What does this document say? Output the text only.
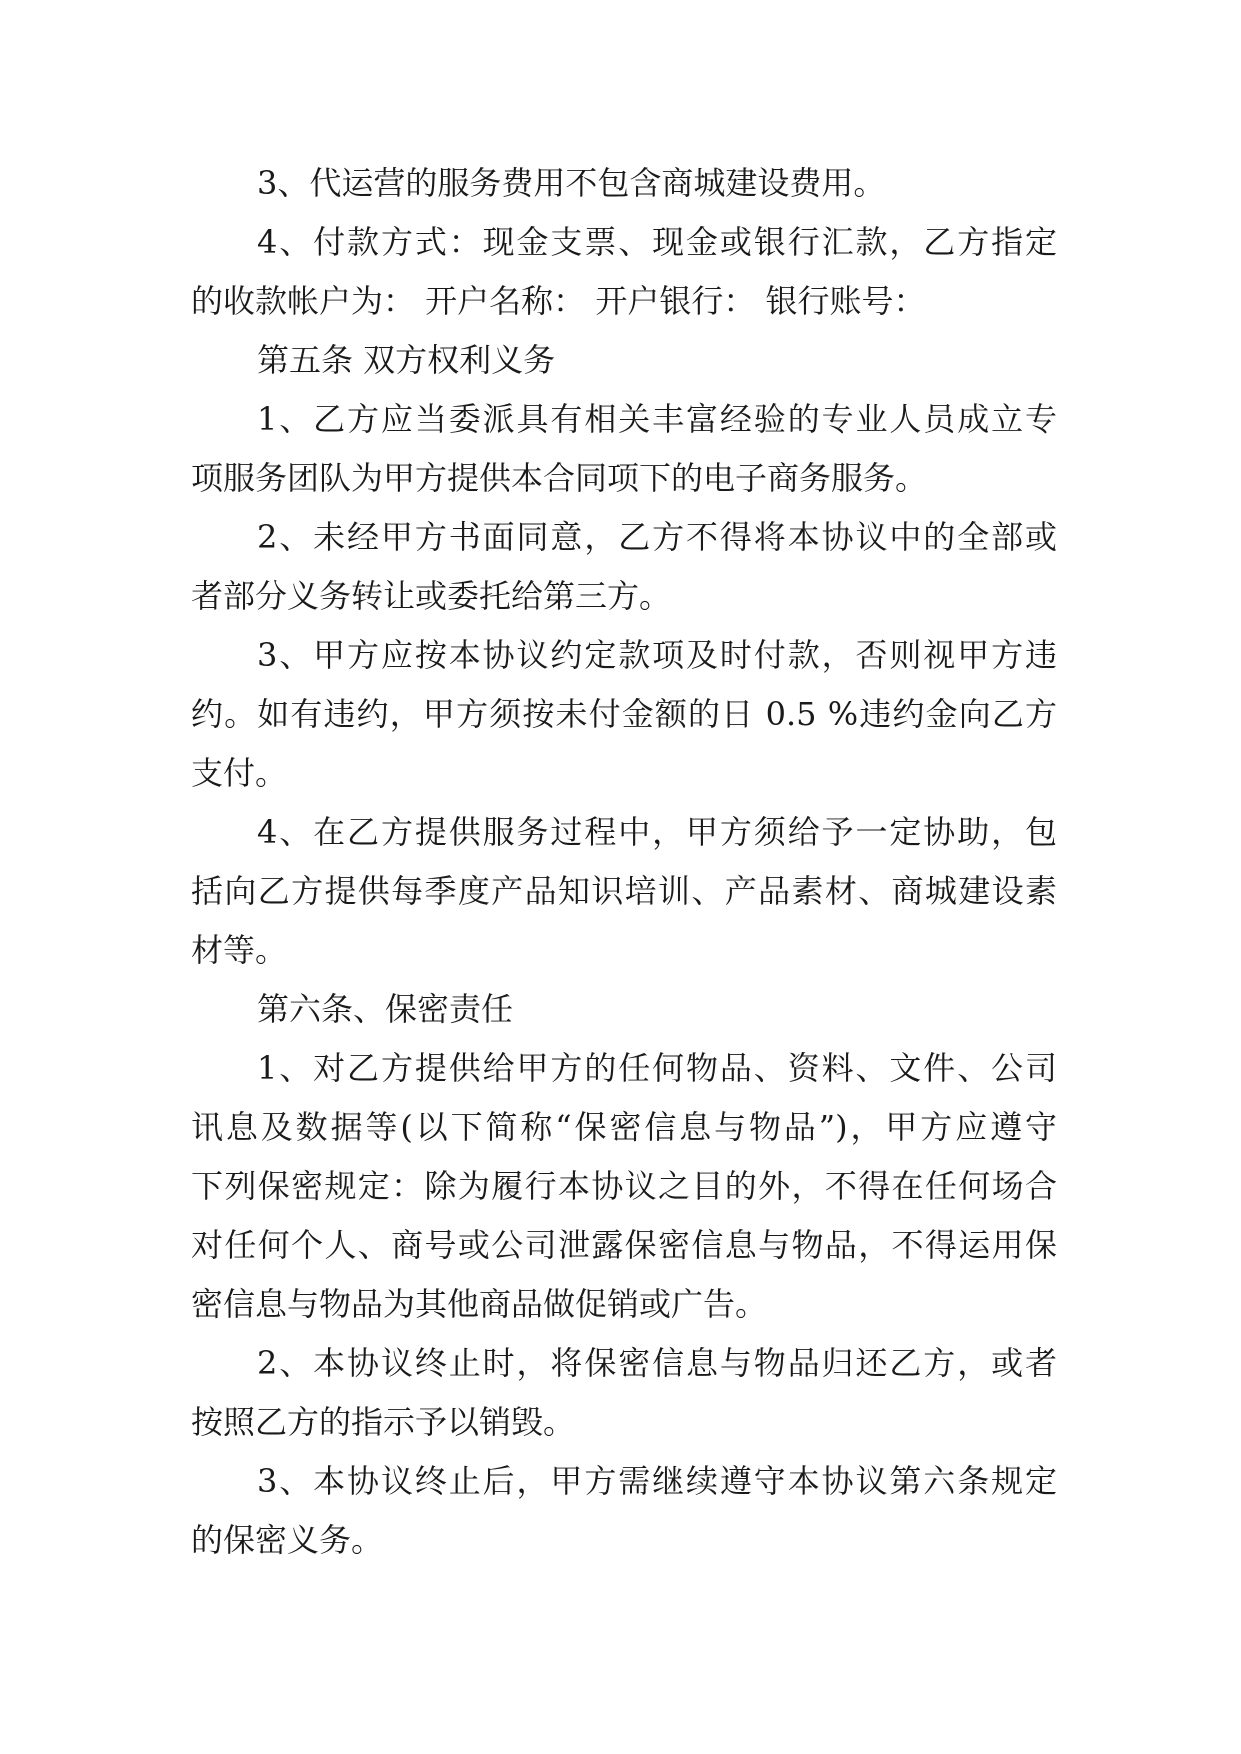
3、代运营的服务费用不包含商城建设费用。
4、付款方式：现金支票、现金或银行汇款，乙方指定
的收款帐户为： 开户名称： 开户银行： 银行账号：
第五条 双方权利义务
1、乙方应当委派具有相关丰富经验的专业人员成立专
项服务团队为甲方提供本合同项下的电子商务服务。
2、未经甲方书面同意，乙方不得将本协议中的全部或
者部分义务转让或委托给第三方。
3、甲方应按本协议约定款项及时付款，否则视甲方违
约。如有违约，甲方须按未付金额的日 0.5 %违约金向乙方
支付。
4、在乙方提供服务过程中，甲方须给予一定协助，包
括向乙方提供每季度产品知识培训、产品素材、商城建设素
材等。
第六条、保密责任
1、对乙方提供给甲方的任何物品、资料、文件、公司
讯息及数据等(以下简称“保密信息与物品”)，甲方应遵守
下列保密规定：除为履行本协议之目的外，不得在任何场合
对任何个人、商号或公司泄露保密信息与物品，不得运用保
密信息与物品为其他商品做促销或广告。
2、本协议终止时，将保密信息与物品归还乙方，或者
按照乙方的指示予以销毁。
3、本协议终止后，甲方需继续遵守本协议第六条规定
的保密义务。
